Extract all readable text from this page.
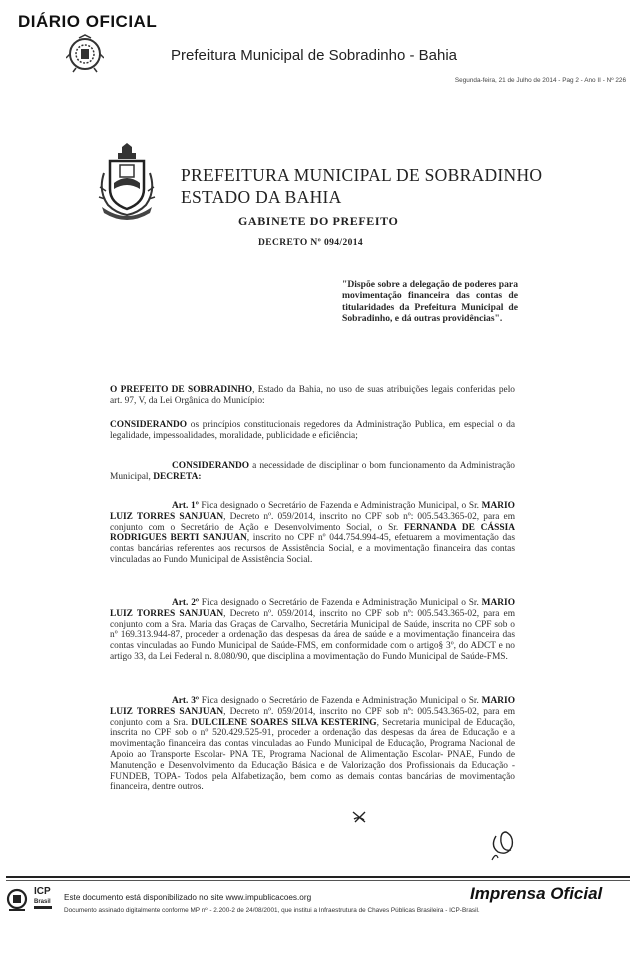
DIÁRIO OFICIAL
Prefeitura Municipal de Sobradinho - Bahia
Segunda-feira, 21 de Julho de 2014 - Pag 2 - Ano II - Nº 226
PREFEITURA MUNICIPAL DE SOBRADINHO
ESTADO DA BAHIA
GABINETE DO PREFEITO
DECRETO Nº 094/2014
"Dispõe sobre a delegação de poderes para movimentação financeira das contas de titularidades da Prefeitura Municipal de Sobradinho, e dá outras providências".
O PREFEITO DE SOBRADINHO, Estado da Bahia, no uso de suas atribuições legais conferidas pelo art. 97, V, da Lei Orgânica do Município:
CONSIDERANDO os princípios constitucionais regedores da Administração Publica, em especial o da legalidade, impessoalidades, moralidade, publicidade e eficiência;
CONSIDERANDO a necessidade de disciplinar o bom funcionamento da Administração Municipal, DECRETA:
Art. 1º Fica designado o Secretário de Fazenda e Administração Municipal, o Sr. MARIO LUIZ TORRES SANJUAN, Decreto nº. 059/2014, inscrito no CPF sob nº: 005.543.365-02, para em conjunto com o Secretário de Ação e Desenvolvimento Social, o Sr. FERNANDA DE CÁSSIA RODRIGUES BERTI SANJUAN, inscrito no CPF nº 044.754.994-45, efetuarem a movimentação das contas bancárias referentes aos recursos de Assistência Social, e a movimentação financeira das contas vinculadas ao Fundo Municipal de Assistência Social.
Art. 2º Fica designado o Secretário de Fazenda e Administração Municipal o Sr. MARIO LUIZ TORRES SANJUAN, Decreto nº. 059/2014, inscrito no CPF sob nº: 005.543.365-02, para em conjunto com a Sra. Maria das Graças de Carvalho, Secretária Municipal de Saúde, inscrita no CPF sob o nº 169.313.944-87, proceder a ordenação das despesas da área de saúde e a movimentação financeira das contas vinculadas ao Fundo Municipal de Saúde-FMS, em conformidade com o artigo§ 3º, do ADCT e no artigo 33, da Lei Federal n. 8.080/90, que disciplina a movimentação do Fundo Municipal de Saúde-FMS.
Art. 3º Fica designado o Secretário de Fazenda e Administração Municipal o Sr. MARIO LUIZ TORRES SANJUAN, Decreto nº. 059/2014, inscrito no CPF sob nº: 005.543.365-02, para em conjunto com a Sra. DULCILENE SOARES SILVA KESTERING, Secretaria municipal de Educação, inscrita no CPF sob o nº 520.429.525-91, proceder a ordenação das despesas da área de Educação e a movimentação financeira das contas vinculadas ao Fundo Municipal de Educação, Programa Nacional de Apoio ao Transporte Escolar- PNA TE, Programa Nacional de Alimentação Escolar- PNAE, Fundo de Manutenção e Desenvolvimento da Educação Básica e de Valorização dos Profissionais da Educação - FUNDEB, TOPA- Todos pela Alfabetização, bem como as demais contas bancárias de movimentação financeira, dentre outros.
ICP
Brasil Este documento está disponibilizado no site www.impublicacoes.org
Documento assinado digitalmente conforme MP nº - 2.200-2 de 24/08/2001, que institui a Infraestrutura de Chaves Públicas Brasileira - ICP-Brasil.
Imprensa Oficial
